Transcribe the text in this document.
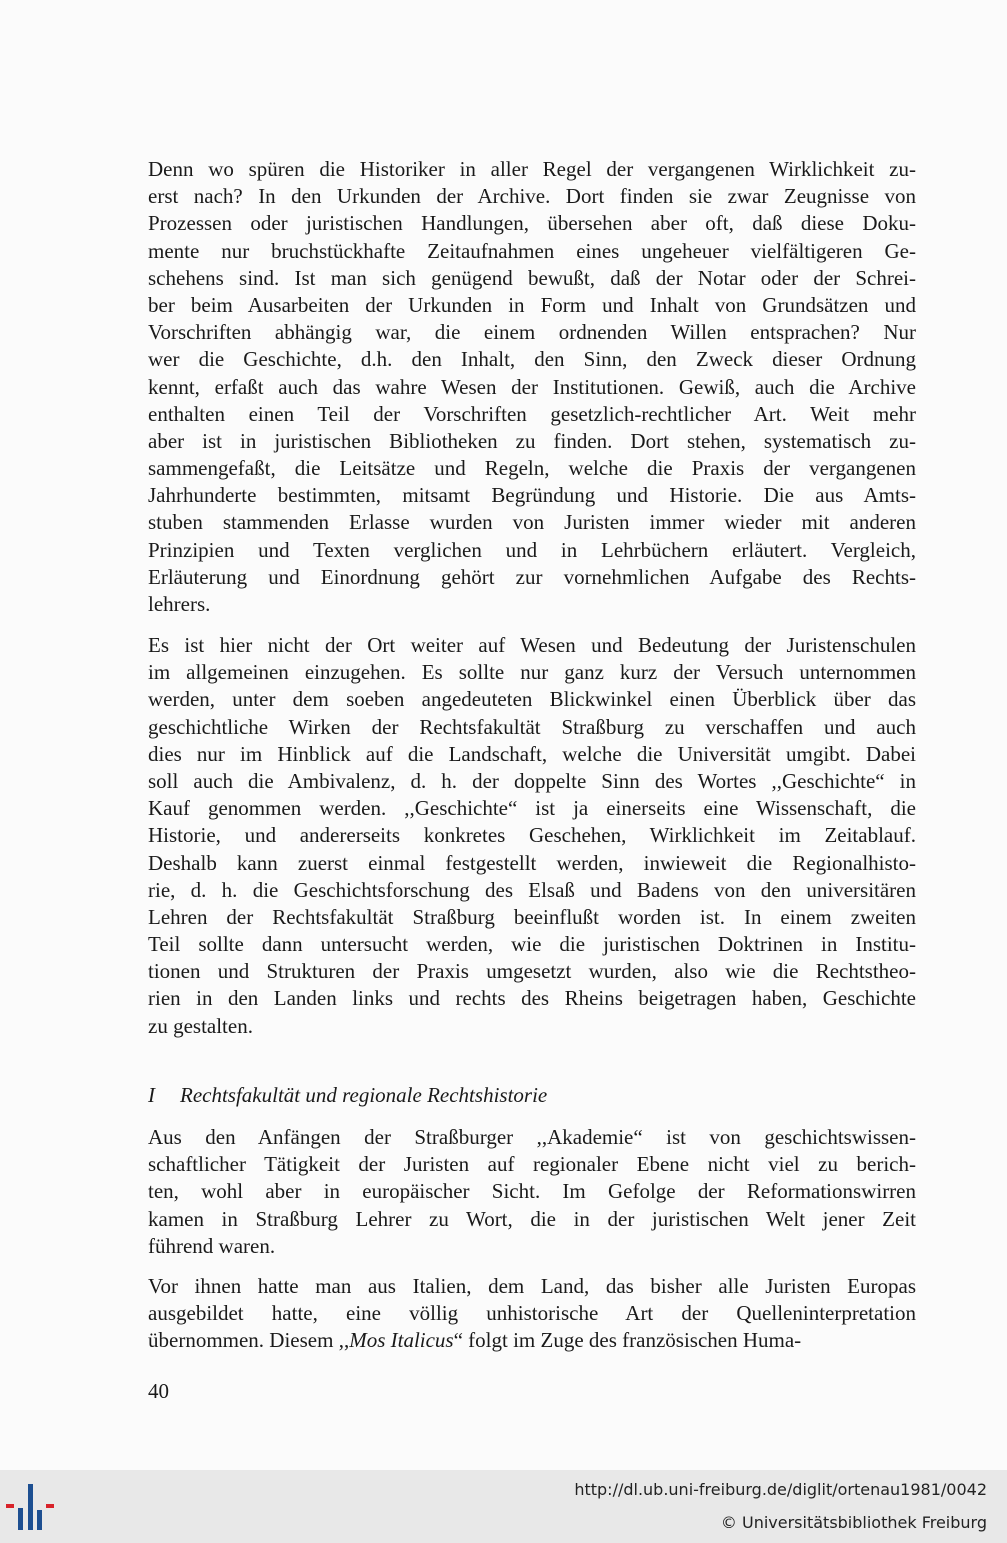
Denn wo spüren die Historiker in aller Regel der vergangenen Wirklichkeit zu-
erst nach? In den Urkunden der Archive. Dort finden sie zwar Zeugnisse von
Prozessen oder juristischen Handlungen, übersehen aber oft, daß diese Doku-
mente nur bruchstückhafte Zeitaufnahmen eines ungeheuer vielfältigeren Ge-
schehens sind. Ist man sich genügend bewußt, daß der Notar oder der Schrei-
ber beim Ausarbeiten der Urkunden in Form und Inhalt von Grundsätzen und
Vorschriften abhängig war, die einem ordnenden Willen entsprachen? Nur
wer die Geschichte, d.h. den Inhalt, den Sinn, den Zweck dieser Ordnung
kennt, erfaßt auch das wahre Wesen der Institutionen. Gewiß, auch die Archive
enthalten einen Teil der Vorschriften gesetzlich-rechtlicher Art. Weit mehr
aber ist in juristischen Bibliotheken zu finden. Dort stehen, systematisch zu-
sammengefaßt, die Leitsätze und Regeln, welche die Praxis der vergangenen
Jahrhunderte bestimmten, mitsamt Begründung und Historie. Die aus Amts-
stuben stammenden Erlasse wurden von Juristen immer wieder mit anderen
Prinzipien und Texten verglichen und in Lehrbüchern erläutert. Vergleich,
Erläuterung und Einordnung gehört zur vornehmlichen Aufgabe des Rechts-
lehrers.
Es ist hier nicht der Ort weiter auf Wesen und Bedeutung der Juristenschulen
im allgemeinen einzugehen. Es sollte nur ganz kurz der Versuch unternommen
werden, unter dem soeben angedeuteten Blickwinkel einen Überblick über das
geschichtliche Wirken der Rechtsfakultät Straßburg zu verschaffen und auch
dies nur im Hinblick auf die Landschaft, welche die Universität umgibt. Dabei
soll auch die Ambivalenz, d. h. der doppelte Sinn des Wortes ,,Geschichte“ in
Kauf genommen werden. ,,Geschichte“ ist ja einerseits eine Wissenschaft, die
Historie, und andererseits konkretes Geschehen, Wirklichkeit im Zeitablauf.
Deshalb kann zuerst einmal festgestellt werden, inwieweit die Regionalhisto-
rie, d. h. die Geschichtsforschung des Elsaß und Badens von den universitären
Lehren der Rechtsfakultät Straßburg beeinflußt worden ist. In einem zweiten
Teil sollte dann untersucht werden, wie die juristischen Doktrinen in Institu-
tionen und Strukturen der Praxis umgesetzt wurden, also wie die Rechtstheo-
rien in den Landen links und rechts des Rheins beigetragen haben, Geschichte
zu gestalten.
I Rechtsfakultät und regionale Rechtshistorie
Aus den Anfängen der Straßburger ,,Akademie“ ist von geschichtswissen-
schaftlicher Tätigkeit der Juristen auf regionaler Ebene nicht viel zu berich-
ten, wohl aber in europäischer Sicht. Im Gefolge der Reformationswirren
kamen in Straßburg Lehrer zu Wort, die in der juristischen Welt jener Zeit
führend waren.
Vor ihnen hatte man aus Italien, dem Land, das bisher alle Juristen Europas
ausgebildet hatte, eine völlig unhistorische Art der Quelleninterpretation
übernommen. Diesem ,,Mos Italicus“ folgt im Zuge des französischen Huma-
40
http://dl.ub.uni-freiburg.de/diglit/ortenau1981/0042
© Universitätsbibliothek Freiburg
